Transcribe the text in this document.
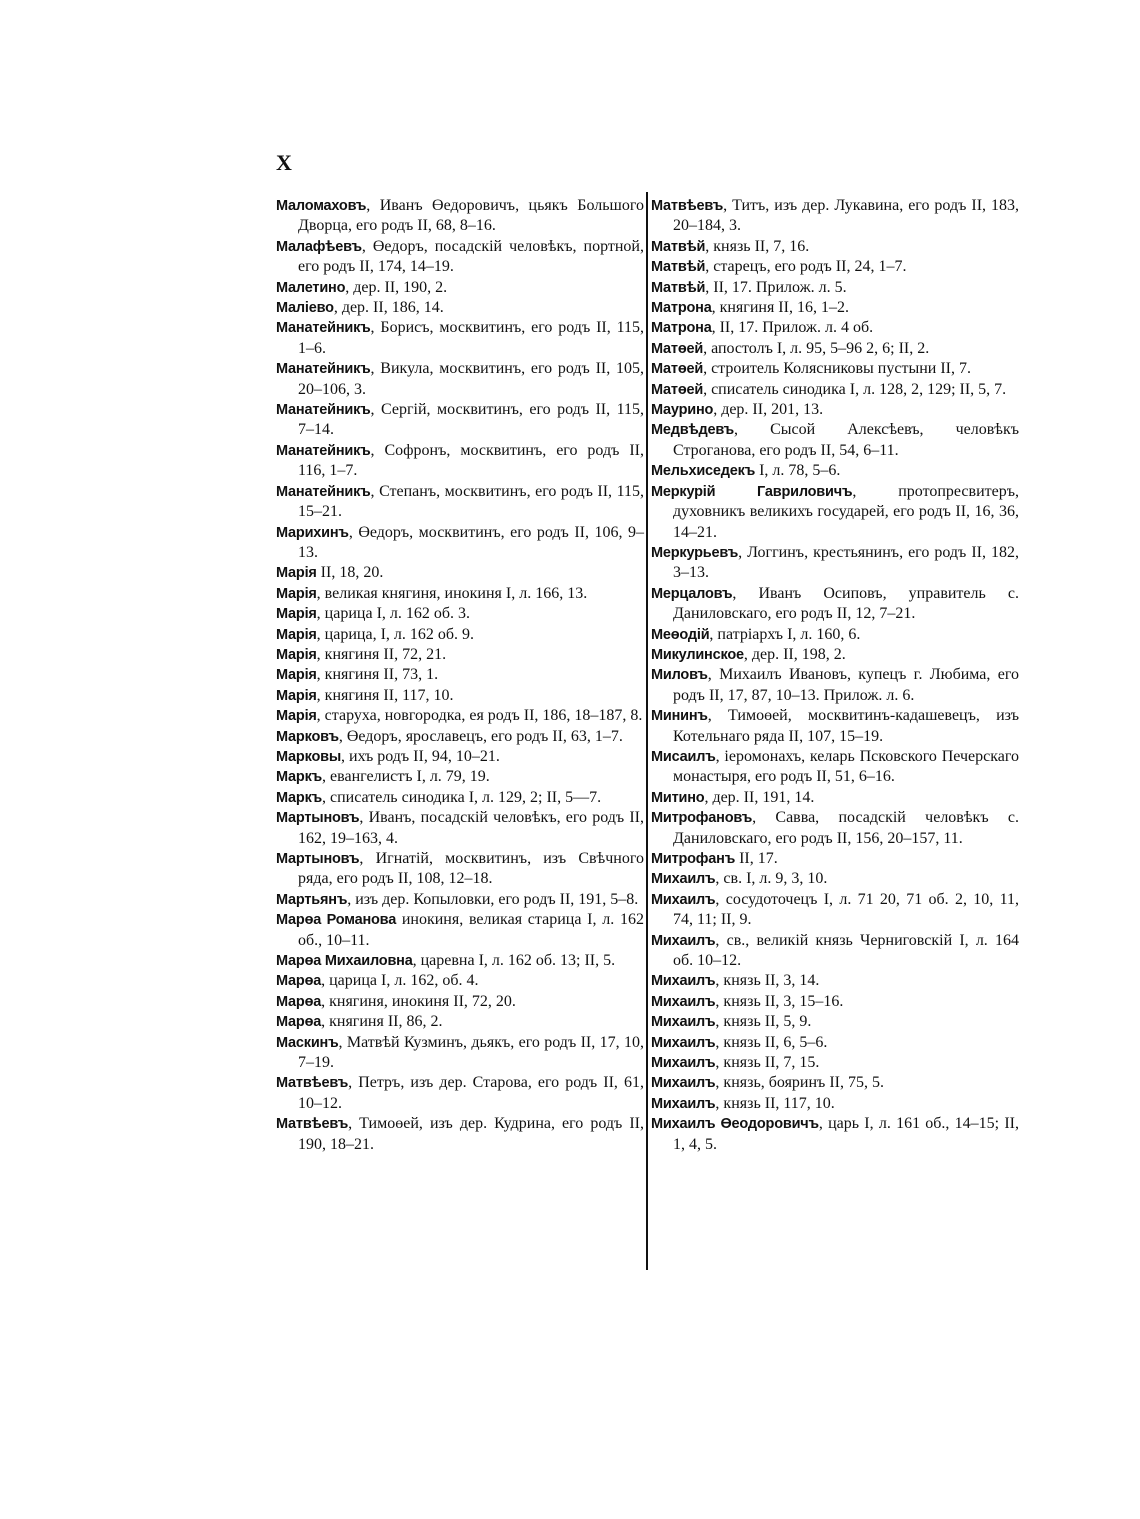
X
Маломаховъ, Иванъ Өедоровичъ, цьякъ Большого Дворца, его родъ II, 68, 8–16.
Малафѣевъ, Өедоръ, посадскій человѣкъ, портной, его родъ II, 174, 14–19.
Малетино, дер. II, 190, 2.
Маліево, дер. II, 186, 14.
Манатейникъ, Борисъ, москвитинъ, его родъ II, 115, 1–6.
Манатейникъ, Викула, москвитинъ, его родъ II, 105, 20–106, 3.
Манатейникъ, Сергій, москвитинъ, его родъ II, 115, 7–14.
Манатейникъ, Софронъ, москвитинъ, его родъ II, 116, 1–7.
Манатейникъ, Степанъ, москвитинъ, его родъ II, 115, 15–21.
Марихинъ, Өедоръ, москвитинъ, его родъ II, 106, 9–13.
Марія II, 18, 20.
Марія, великая княгиня, инокиня I, л. 166, 13.
Марія, царица I, л. 162 об. 3.
Марія, царица, I, л. 162 об. 9.
Марія, княгиня II, 72, 21.
Марія, княгиня II, 73, 1.
Марія, княгиня II, 117, 10.
Марія, старуха, новгородка, ея родъ II, 186, 18–187, 8.
Марковъ, Өедоръ, ярославецъ, его родъ II, 63, 1–7.
Марковы, ихъ родъ II, 94, 10–21.
Маркъ, евангелистъ I, л. 79, 19.
Маркъ, списатель синодика I, л. 129, 2; II, 5—7.
Мартыновъ, Иванъ, посадскій человѣкъ, его родъ II, 162, 19–163, 4.
Мартыновъ, Игнатій, москвитинъ, изъ Свѣчного ряда, его родъ II, 108, 12–18.
Мартьянъ, изъ дер. Копыловки, его родъ II, 191, 5–8.
Марөа Романова инокиня, великая старица I, л. 162 об., 10–11.
Марөа Михаиловна, царевна I, л. 162 об. 13; II, 5.
Марөа, царица I, л. 162, об. 4.
Марөа, княгиня, инокиня II, 72, 20.
Марөа, княгиня II, 86, 2.
Маскинъ, Матвѣй Кузминъ, дьякъ, его родъ II, 17, 10, 7–19.
Матвѣевъ, Петръ, изъ дер. Старова, его родъ II, 61, 10–12.
Матвѣевъ, Тимоөей, изъ дер. Кудрина, его родъ II, 190, 18–21.
Матвѣевъ, Титъ, изъ дер. Лукавина, его родъ II, 183, 20–184, 3.
Матвѣй, князь II, 7, 16.
Матвѣй, старецъ, его родъ II, 24, 1–7.
Матвѣй, II, 17. Прилож. л. 5.
Матрона, княгиня II, 16, 1–2.
Матрона, II, 17. Прилож. л. 4 об.
Матөей, апостолъ I, л. 95, 5–96 2, 6; II, 2.
Матөей, строитель Колясниковы пустыни II, 7.
Матөей, списатель синодика I, л. 128, 2, 129; II, 5, 7.
Маурино, дер. II, 201, 13.
Медвѣдевъ, Сысой Алексѣевъ, человѣкъ Строганова, его родъ II, 54, 6–11.
Мельхиседекъ I, л. 78, 5–6.
Меркурій Гавриловичъ, протопресвитеръ, духовникъ великихъ государей, его родъ II, 16, 36, 14–21.
Меркурьевъ, Логгинъ, крестьянинъ, его родъ II, 182, 3–13.
Мерцаловъ, Иванъ Осиповъ, управитель с. Даниловскаго, его родъ II, 12, 7–21.
Меөодій, патріархъ I, л. 160, 6.
Микулинское, дер. II, 198, 2.
Миловъ, Михаилъ Ивановъ, купецъ г. Любима, его родъ II, 17, 87, 10–13. Прилож. л. 6.
Мининъ, Тимоөей, москвитинъ-кадашевецъ, изъ Котельнаго ряда II, 107, 15–19.
Мисаилъ, іеромонахъ, келарь Псковского Печерскаго монастыря, его родъ II, 51, 6–16.
Митино, дер. II, 191, 14.
Митрофановъ, Савва, посадскій человѣкъ с. Даниловскаго, его родъ II, 156, 20–157, 11.
Митрофанъ II, 17.
Михаилъ, св. I, л. 9, 3, 10.
Михаилъ, сосудоточецъ I, л. 71 20, 71 об. 2, 10, 11, 74, 11; II, 9.
Михаилъ, св., великій князь Черниговскій I, л. 164 об. 10–12.
Михаилъ, князь II, 3, 14.
Михаилъ, князь II, 3, 15–16.
Михаилъ, князь II, 5, 9.
Михаилъ, князь II, 6, 5–6.
Михаилъ, князь II, 7, 15.
Михаилъ, князь, бояринъ II, 75, 5.
Михаилъ, князь II, 117, 10.
Михаилъ Өеодоровичъ, царь I, л. 161 об., 14–15; II, 1, 4, 5.
